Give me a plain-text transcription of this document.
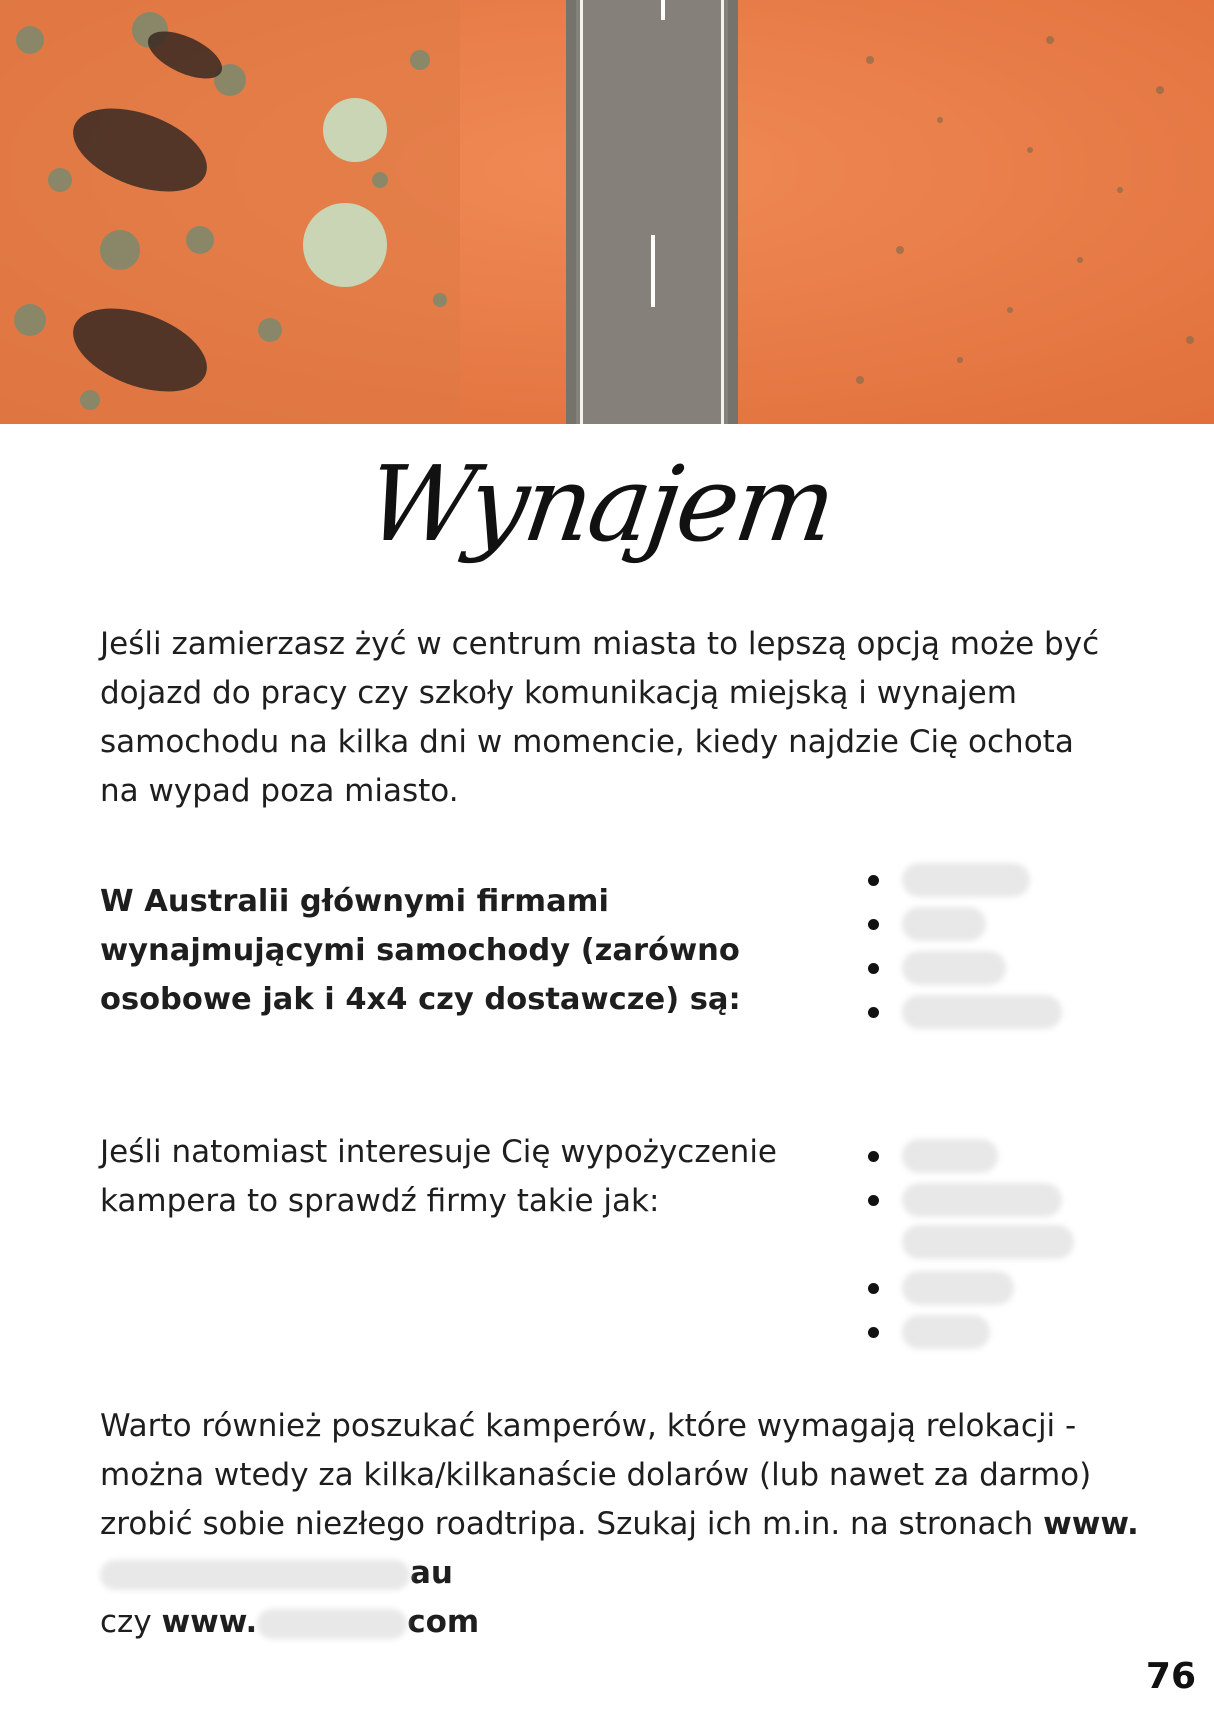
Wynajem

Jeśli zamierzasz żyć w centrum miasta to lepszą opcją może być dojazd do pracy czy szkoły komunikacją miejską i wynajem samochodu na kilka dni w momencie, kiedy najdzie Cię ochota na wypad poza miasto.

W Australii głównymi firmami wynajmującymi samochody (zarówno osobowe jak i 4x4 czy dostawcze) są:

Jeśli natomiast interesuje Cię wypożyczenie kampera to sprawdź firmy takie jak:

Warto również poszukać kamperów, które wymagają relokacji - można wtedy za kilka/kilkanaście dolarów (lub nawet za darmo) zrobić sobie niezłego roadtripa. Szukaj ich m.in. na stronach www.au
czy www.	com

76
